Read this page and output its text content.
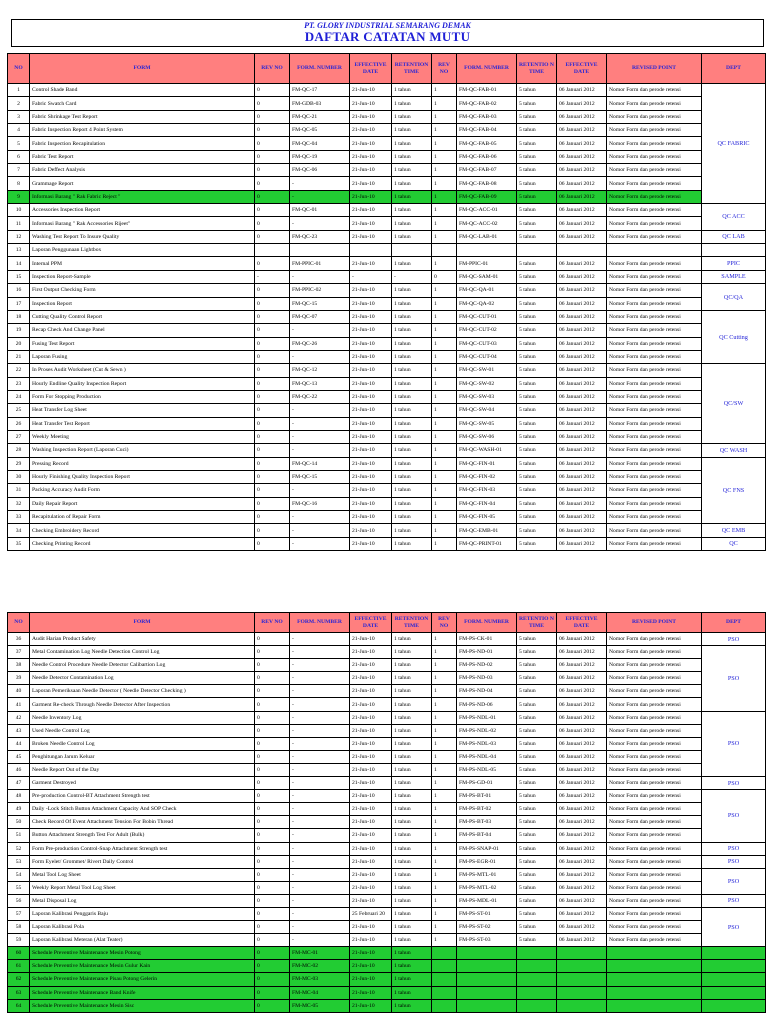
PT. GLORY INDUSTRIAL SEMARANG DEMAK
DAFTAR CATATAN MUTU
NO	FORM	REV NO	FORM. NUMBER	EFFECTIVE DATE	RETENTION TIME	REV NO	FORM. NUMBER	RETENTIO N TIME	EFFECTIVE DATE	REVISED POINT	DEPT	
1	Control Shade Band	0	FM-QC-17	21-Jun-10	1 tahun	1	FM-QC-FAB-01	5 tahun	06 Januari 2012	Nomor Form dan perode retensi	QC FABRIC	
2	Fabric Swatch Card	0	FM-GDB-03	21-Jun-10	1 tahun	1	FM-QC-FAB-02	5 tahun	06 Januari 2012	Nomor Form dan perode retensi		
3	Fabric Shrinkage Test Report	0	FM-QC-21	21-Jun-10	1 tahun	1	FM-QC-FAB-03	5 tahun	06 Januari 2012	Nomor Form dan perode retensi		
4	Fabric Inspection Report 4 Point System	0	FM-QC-05	21-Jun-10	1 tahun	1	FM-QC-FAB-04	5 tahun	06 Januari 2012	Nomor Form dan perode retensi		
5	Fabric Inspection Recapitulation	0	FM-QC-04	21-Jun-10	1 tahun	1	FM-QC-FAB-05	5 tahun	06 Januari 2012	Nomor Form dan perode retensi		
6	Fabric Test Report	0	FM-QC-19	21-Jun-10	1 tahun	1	FM-QC-FAB-06	5 tahun	06 Januari 2012	Nomor Form dan perode retensi		
7	Fabric Deffect Analysis	0	FM-QC-06	21-Jun-10	1 tahun	1	FM-QC-FAB-07	5 tahun	06 Januari 2012	Nomor Form dan perode retensi		
8	Grammage Report	0	-	21-Jun-10	1 tahun	1	FM-QC-FAB-08	5 tahun	06 Januari 2012	Nomor Form dan perode retensi		
9	Informasi Barang " Rak Fabric Reject "	0	-	21-Jun-10	1 tahun	1	FM-QC-FAB-09	5 tahun	06 Januari 2012	Nomor Form dan perode retensi		
10	Accessories Inspection Report	0	FM-QC-01	21-Jun-10	1 tahun	1	FM-QC-ACC-01	5 tahun	06 Januari 2012	Nomor Form dan perode retensi	QC ACC	
11	Informasi Barang " Rak Accessories Rijeet"	0	-	21-Jun-10	1 tahun	1	FM-QC-ACC-02	5 tahun	06 Januari 2012	Nomor Form dan perode retensi		
12	Washing Test Report To Insure Quality	0	FM-QC-23	21-Jun-10	1 tahun	1	FM-QC-LAB-01	5 tahun	06 Januari 2012	Nomor Form dan perode retensi	QC LAB	
13	Laporan Penggunaan Lightbox											
14	Internal PPM	0	FM-PPIC-01	21-Jun-10	1 tahun	1	FM-PPIC-01	5 tahun	06 Januari 2012	Nomor Form dan perode retensi	PPIC	
15	Inspection Report-Sample	-	-	-	-	0	FM-QC-SAM-01	5 tahun	06 Januari 2012	Nomor Form dan perode retensi	SAMPLE	
16	First Output Checking Form	0	FM-PPIC-02	21-Jun-10	1 tahun	1	FM-QC-QA-01	5 tahun	06 Januari 2012	Nomor Form dan perode retensi	QC/QA	
17	Inspection Report	0	FM-QC-15	21-Jun-10	1 tahun	1	FM-QC-QA-02	5 tahun	06 Januari 2012	Nomor Form dan perode retensi		
18	Cutting Quality Control Report	0	FM-QC-07	21-Jun-10	1 tahun	1	FM-QC-CUT-01	5 tahun	06 Januari 2012	Nomor Form dan perode retensi	QC Cutting	
19	Recap Check And Change Panel	0	-	21-Jun-10	1 tahun	1	FM-QC-CUT-02	5 tahun	06 Januari 2012	Nomor Form dan perode retensi		
20	Fusing Test Report	0	FM-QC-26	21-Jun-10	1 tahun	1	FM-QC-CUT-03	5 tahun	06 Januari 2012	Nomor Form dan perode retensi		
21	Laporan Fusing	0	-	21-Jun-10	1 tahun	1	FM-QC-CUT-04	5 tahun	06 Januari 2012	Nomor Form dan perode retensi		
22	In Proses Audit Worksheet (Cut & Sewn )	0	FM-QC-12	21-Jun-10	1 tahun	1	FM-QC-SW-01	5 tahun	06 Januari 2012	Nomor Form dan perode retensi	QC/SW	
23	Hourly Endline Quality Inspection Report	0	FM-QC-13	21-Jun-10	1 tahun	1	FM-QC-SW-02	5 tahun	06 Januari 2012	Nomor Form dan perode retensi		
24	Form For Stopping Production	0	FM-QC-22	21-Jun-10	1 tahun	1	FM-QC-SW-03	5 tahun	06 Januari 2012	Nomor Form dan perode retensi		
25	Heat Transfer Log Sheet	0	-	21-Jun-10	1 tahun	1	FM-QC-SW-04	5 tahun	06 Januari 2012	Nomor Form dan perode retensi		
26	Heat Transfer Test Report	0	-	21-Jun-10	1 tahun	1	FM-QC-SW-05	5 tahun	06 Januari 2012	Nomor Form dan perode retensi		
27	Weekly Meeting	0	-	21-Jun-10	1 tahun	1	FM-QC-SW-06	5 tahun	06 Januari 2012	Nomor Form dan perode retensi		
28	Washing Inspection Report (Laporan Cuci)	0	-	21-Jun-10	1 tahun	1	FM-QC-WASH-01	5 tahun	06 Januari 2012	Nomor Form dan perode retensi	QC WASH	
29	Pressing Record	0	FM-QC-14	21-Jun-10	1 tahun	1	FM-QC-FIN-01	5 tahun	06 Januari 2012	Nomor Form dan perode retensi	QC FNS	
30	Hourly Finishing Quality Inspection Report	0	FM-QC-15	21-Jun-10	1 tahun	1	FM-QC-FIN-02	5 tahun	06 Januari 2012	Nomor Form dan perode retensi		
31	Packing Accuracy Audit Form	0	-	21-Jun-10	1 tahun	1	FM-QC-FIN-03	5 tahun	06 Januari 2012	Nomor Form dan perode retensi		
32	Daily Repair Report	0	FM-QC-16	21-Jun-10	1 tahun	1	FM-QC-FIN-04	5 tahun	06 Januari 2012	Nomor Form dan perode retensi		
33	Recapitulation of Repair Form	0	-	21-Jun-10	1 tahun	1	FM-QC-FIN-05	5 tahun	06 Januari 2012	Nomor Form dan perode retensi		
34	Checking Embroidery Record	0	-	21-Jun-10	1 tahun	1	FM-QC-EMB-01	5 tahun	06 Januari 2012	Nomor Form dan perode retensi	QC EMB	
35	Checking Printing Record	0	-	21-Jun-10	1 tahun	1	FM-QC-PRINT-01	5 tahun	06 Januari 2012	Nomor Form dan perode retensi	QC	
NO	FORM	REV NO	FORM. NUMBER	EFFECTIVE DATE	RETENTION TIME	REV NO	FORM. NUMBER	RETENTIO N TIME	EFFECTIVE DATE	REVISED POINT	DEPT	
36	Audit Harian Product Safety	0	-	21-Jun-10	1 tahun	1	FM-PS-CK-01	5 tahun	06 Januari 2012	Nomor Form dan perode retensi	PSO	
37	Metal Contamination Log Needle Detection Control Log	0	-	21-Jun-10	1 tahun	1	FM-PS-ND-01	5 tahun	06 Januari 2012	Nomor Form dan perode retensi	PSO	
38	Needle Control Procedure Needle Detector Calibartion Log	0	-	21-Jun-10	1 tahun	1	FM-PS-ND-02	5 tahun	06 Januari 2012	Nomor Form dan perode retensi		
39	Needle Detector Contamination Log	0	-	21-Jun-10	1 tahun	1	FM-PS-ND-03	5 tahun	06 Januari 2012	Nomor Form dan perode retensi		
40	Laporan Pemeriksaan Needle Detector ( Needle Detector Checking )	0	-	21-Jun-10	1 tahun	1	FM-PS-ND-04	5 tahun	06 Januari 2012	Nomor Form dan perode retensi		
41	Garment Re-check Through Needle Detector After Inspection	0	-	21-Jun-10	1 tahun	1	FM-PS-ND-06	5 tahun	06 Januari 2012	Nomor Form dan perode retensi		
42	Needle Inventory Log	0	-	21-Jun-10	1 tahun	1	FM-PS-NDL-01	5 tahun	06 Januari 2012	Nomor Form dan perode retensi	PSO	
43	Used Needle Control Log	0	-	21-Jun-10	1 tahun	1	FM-PS-NDL-02	5 tahun	06 Januari 2012	Nomor Form dan perode retensi		
44	Broken Needle Control Log	0	-	21-Jun-10	1 tahun	1	FM-PS-NDL-03	5 tahun	06 Januari 2012	Nomor Form dan perode retensi		
45	Penghitungan Jarum Keluar	0	-	21-Jun-10	1 tahun	1	FM-PS-NDL-04	5 tahun	06 Januari 2012	Nomor Form dan perode retensi		
46	Needle Report Out of the Day	0	-	21-Jun-10	1 tahun	1	FM-PS-NDL-05	5 tahun	06 Januari 2012	Nomor Form dan perode retensi		
47	Garment Destroyed	0	-	21-Jun-10	1 tahun	1	FM-PS-GD-01	5 tahun	06 Januari 2012	Nomor Form dan perode retensi	PSO	
48	Pre-production Control-BT Attachment Strength test	0	-	21-Jun-10	1 tahun	1	FM-PS-BT-01	5 tahun	06 Januari 2012	Nomor Form dan perode retensi	PSO	
49	Daily -Lock Stitch Button Attachment Capacity And SOP Check	0	-	21-Jun-10	1 tahun	1	FM-PS-BT-02	5 tahun	06 Januari 2012	Nomor Form dan perode retensi		
50	Check Record Of Event Attachment Tension For Bobin Thread	0	-	21-Jun-10	1 tahun	1	FM-PS-BT-03	5 tahun	06 Januari 2012	Nomor Form dan perode retensi		
51	Button Attachment Strength Test For Adult (Bulk)	0	-	21-Jun-10	1 tahun	1	FM-PS-BT-04	5 tahun	06 Januari 2012	Nomor Form dan perode retensi		
52	Form Pre-production Control-Snap Attachment Strength test	0	-	21-Jun-10	1 tahun	1	FM-PS-SNAP-01	5 tahun	06 Januari 2012	Nomor Form dan perode retensi	PSO	
53	Form Eyelet/ Grommet/ Rivert Daily Control	0	-	21-Jun-10	1 tahun	1	FM-PS-EGR-01	5 tahun	06 Januari 2012	Nomor Form dan perode retensi	PSO	
54	Metal Tool Log Sheet	0	-	21-Jun-10	1 tahun	1	FM-PS-MTL-01	5 tahun	06 Januari 2012	Nomor Form dan perode retensi	PSO	
55	Weekly Report Metal Tool Log Sheet	0	-	21-Jun-10	1 tahun	1	FM-PS-MTL-02	5 tahun	06 Januari 2012	Nomor Form dan perode retensi		
56	Metal Disposal Log	0	-	21-Jun-10	1 tahun	1	FM-PS-MDL-01	5 tahun	06 Januari 2012	Nomor Form dan perode retensi	PSO	
57	Laporan Kalibrasi Penggaris Baju	0	-	25 Februari 20	1 tahun	1	FM-PS-ST-01	5 tahun	06 Januari 2012	Nomor Form dan perode retensi	PSO	
58	Laporan Kalibrasi Pola	0	-	21-Jun-10	1 tahun	1	FM-PS-ST-02	5 tahun	06 Januari 2012	Nomor Form dan perode retensi		
59	Laporan Kalibrasi Meteran (Alat Teater)	0	-	21-Jun-10	1 tahun	1	FM-PS-ST-03	5 tahun	06 Januari 2012	Nomor Form dan perode retensi		
60	Schedule Preventive Maintenance Mesin Potong	0	FM-MC-01	21-Jun-10	1 tahun							
61	Schedule Preventive Maintenance Mesin Gulur Kain	0	FM-MC-02	21-Jun-10	1 tahun							
62	Schedule Preventive Maintenance Pisau Potong Gelerin	0	FM-MC-03	21-Jun-10	1 tahun							
63	Schedule Preventive Maintenance Band Knife	0	FM-MC-04	21-Jun-10	1 tahun							
64	Schedule Preventive Maintenance Mesin Sisc	0	FM-MC-05	21-Jun-10	1 tahun							
